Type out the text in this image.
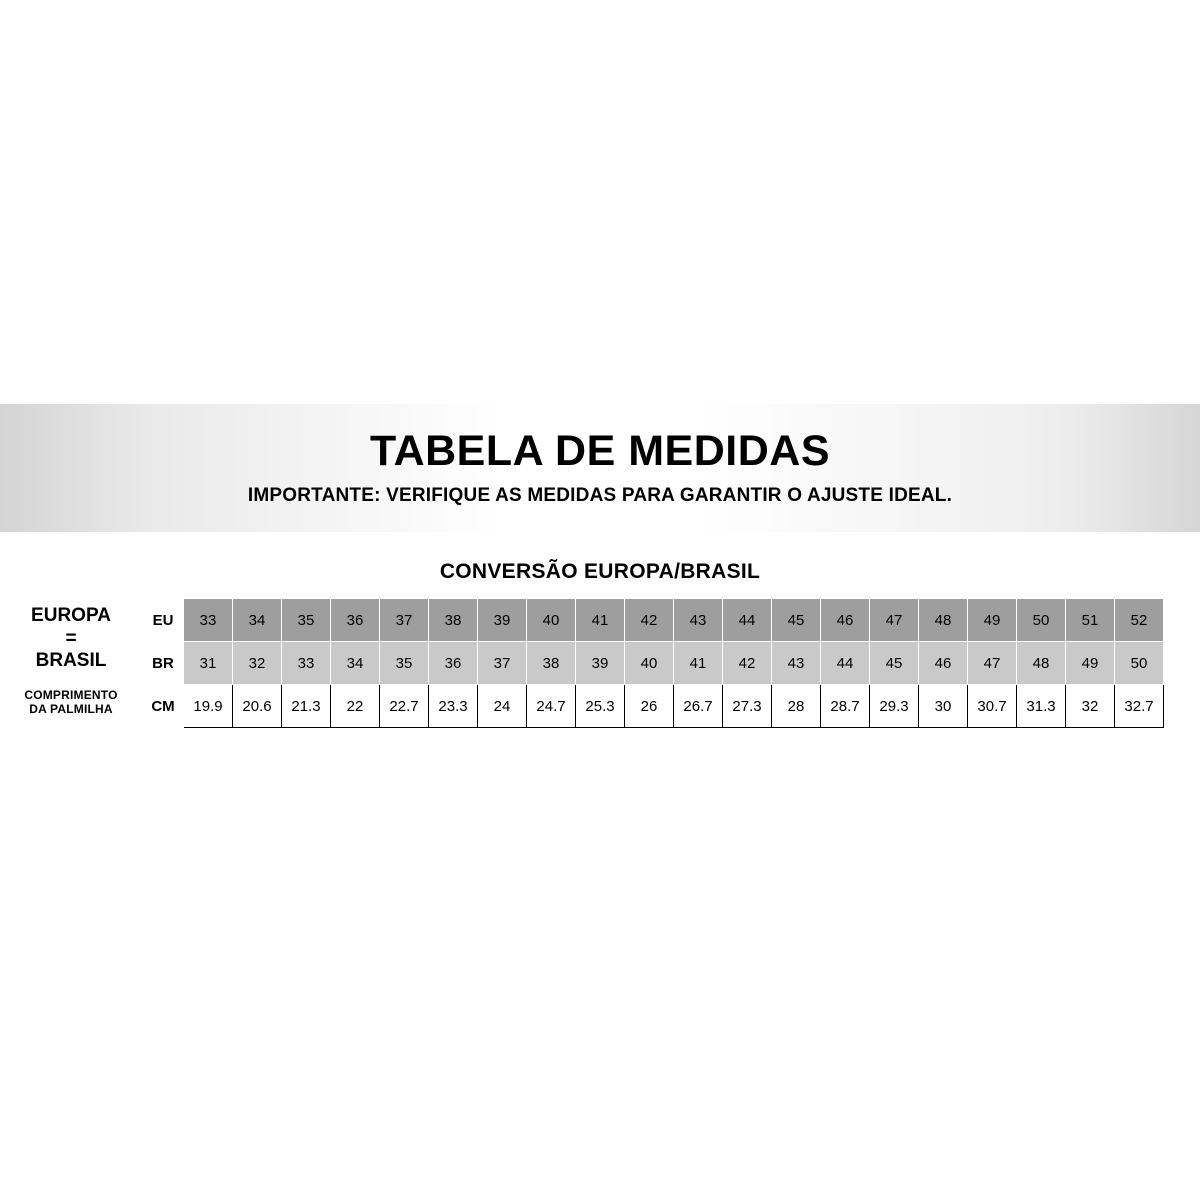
TABELA DE MEDIDAS
IMPORTANTE: VERIFIQUE AS MEDIDAS PARA GARANTIR O AJUSTE IDEAL.
CONVERSÃO EUROPA/BRASIL
EUROPA
=
BRASIL
COMPRIMENTO
DA PALMILHA
EU	33	34	35	36	37	38	39	40	41	42	43	44	45	46	47	48	49	50	51	52
BR	31	32	33	34	35	36	37	38	39	40	41	42	43	44	45	46	47	48	49	50
CM	19.9	20.6	21.3	22	22.7	23.3	24	24.7	25.3	26	26.7	27.3	28	28.7	29.3	30	30.7	31.3	32	32.7
